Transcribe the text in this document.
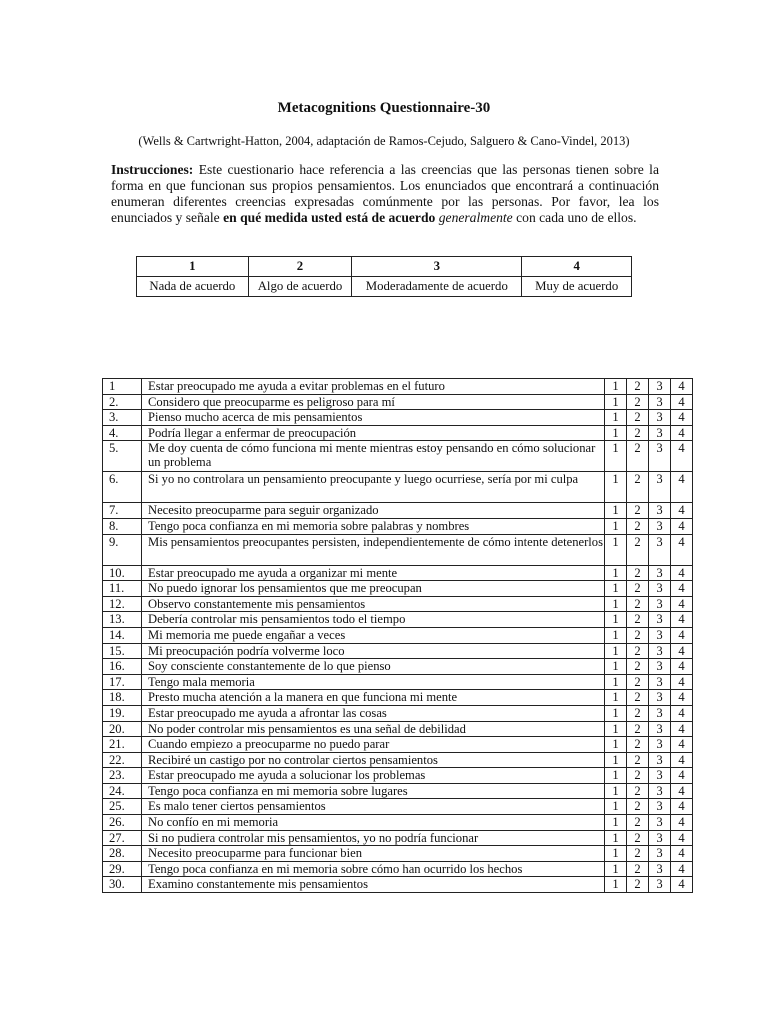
Metacognitions Questionnaire-30
(Wells & Cartwright-Hatton, 2004, adaptación de Ramos-Cejudo, Salguero & Cano-Vindel, 2013)
Instrucciones: Este cuestionario hace referencia a las creencias que las personas tienen sobre la forma en que funcionan sus propios pensamientos. Los enunciados que encontrará a continuación enumeran diferentes creencias expresadas comúnmente por las personas. Por favor, lea los enunciados y señale en qué medida usted está de acuerdo generalmente con cada uno de ellos.
1	2	3	4
Nada de acuerdo	Algo de acuerdo	Moderadamente de acuerdo	Muy de acuerdo
1	Estar preocupado me ayuda a evitar problemas en el futuro	1	2	3	4
2.	Considero que preocuparme es peligroso para mí	1	2	3	4
3.	Pienso mucho acerca de mis pensamientos	1	2	3	4
4.	Podría llegar a enfermar de preocupación	1	2	3	4
5.	Me doy cuenta de cómo funciona mi mente mientras estoy pensando en cómo solucionar un problema	1	2	3	4
6.	Si yo no controlara un pensamiento preocupante y luego ocurriese, sería por mi culpa	1	2	3	4
7.	Necesito preocuparme para seguir organizado	1	2	3	4
8.	Tengo poca confianza en mi memoria sobre palabras y nombres	1	2	3	4
9.	Mis pensamientos preocupantes persisten, independientemente de cómo intente detenerlos	1	2	3	4
10.	Estar preocupado me ayuda a organizar mi mente	1	2	3	4
11.	No puedo ignorar los pensamientos que me preocupan	1	2	3	4
12.	Observo constantemente mis pensamientos	1	2	3	4
13.	Debería controlar mis pensamientos todo el tiempo	1	2	3	4
14.	Mi memoria me puede engañar a veces	1	2	3	4
15.	Mi preocupación podría volverme loco	1	2	3	4
16.	Soy consciente constantemente de lo que pienso	1	2	3	4
17.	Tengo mala memoria	1	2	3	4
18.	Presto mucha atención a la manera en que funciona mi mente	1	2	3	4
19.	Estar preocupado me ayuda a afrontar las cosas	1	2	3	4
20.	No poder controlar mis pensamientos es una señal de debilidad	1	2	3	4
21.	Cuando empiezo a preocuparme no puedo parar	1	2	3	4
22.	Recibiré un castigo por no controlar ciertos pensamientos	1	2	3	4
23.	Estar preocupado me ayuda a solucionar los problemas	1	2	3	4
24.	Tengo poca confianza en mi memoria sobre lugares	1	2	3	4
25.	Es malo tener ciertos pensamientos	1	2	3	4
26.	No confío en mi memoria	1	2	3	4
27.	Si no pudiera controlar mis pensamientos, yo no podría funcionar	1	2	3	4
28.	Necesito preocuparme para funcionar bien	1	2	3	4
29.	Tengo poca confianza en mi memoria sobre cómo han ocurrido los hechos	1	2	3	4
30.	Examino constantemente mis pensamientos	1	2	3	4
